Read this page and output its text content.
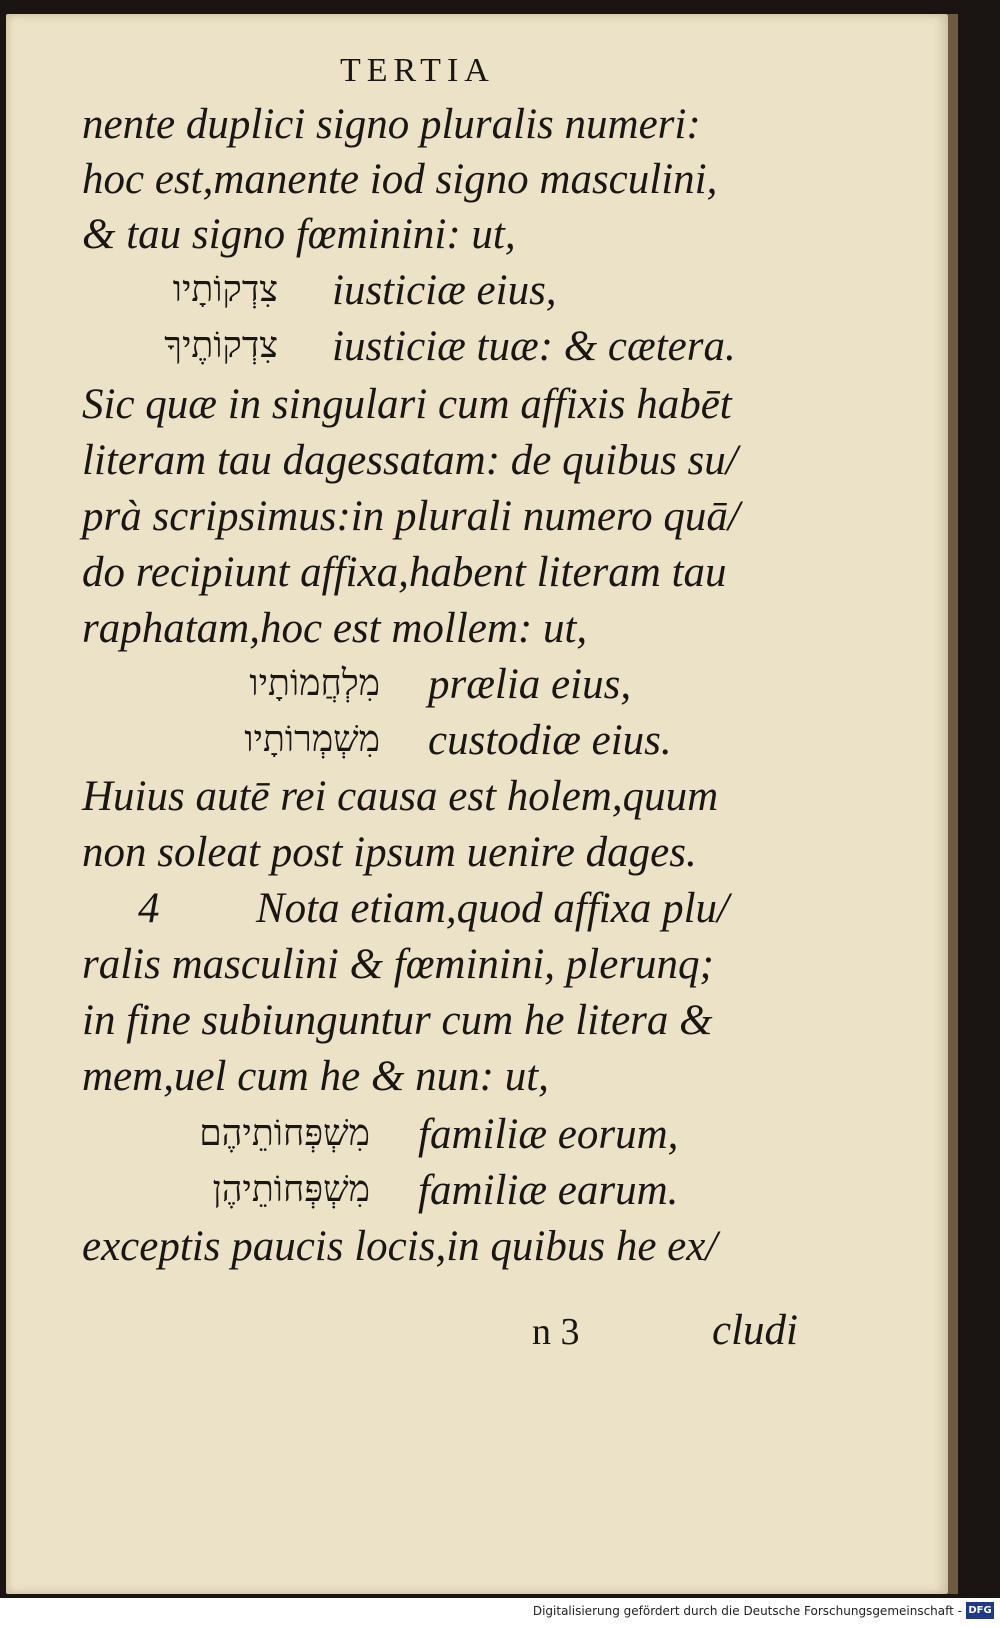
TERTIA
nente duplici signo pluralis numeri:
hoc est,manente iod signo masculini,
& tau signo fœminini: ut,
צִדְקוֹתָיו iusticiæ eius,
צִדְקוֹתֶיךָ iusticiæ tuæ: & cætera.
Sic quæ in singulari cum affixis habēt
literam tau dagessatam: de quibus su/
prà scripsimus:in plurali numero quā/
do recipiunt affixa,habent literam tau
raphatam,hoc est mollem: ut,
מִלְחֲמוֹתָיו prælia eius,
מִשְׁמְרוֹתָיו custodiæ eius.
Huius autē rei causa est holem,quum
non soleat post ipsum uenire dages.
4 Nota etiam,quod affixa plu/
ralis masculini & fœminini, plerunq;
in fine subiunguntur cum he litera &
mem,uel cum he & nun: ut,
מִשְׁפְּחוֹתֵיהֶם familiæ eorum,
מִשְׁפְּחוֹתֵיהֶן familiæ earum.
exceptis paucis locis,in quibus he ex/
n 3	cludi
Digitalisierung gefördert durch die Deutsche Forschungsgemeinschaft - DFG
